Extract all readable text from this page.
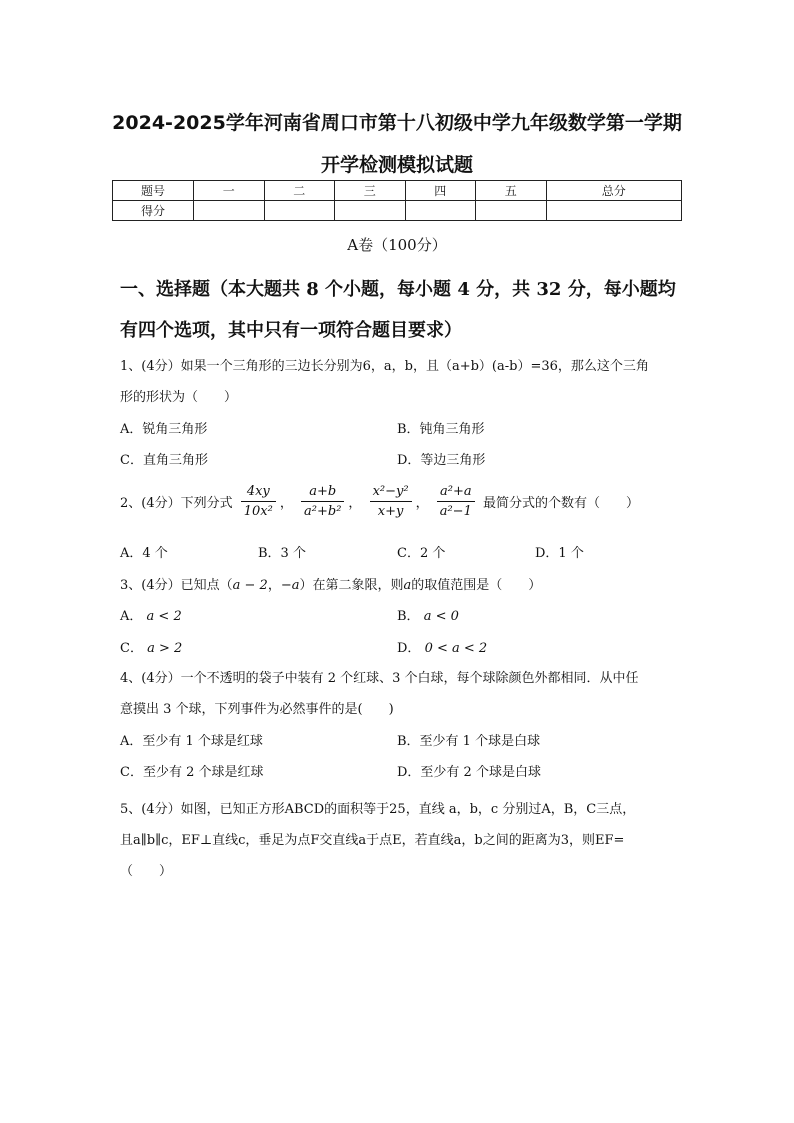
2024-2025学年河南省周口市第十八初级中学九年级数学第一学期
开学检测模拟试题
题号	一	二	三	四	五	总分
得分						
A卷（100分）
一、选择题（本大题共 8 个小题，每小题 4 分，共 32 分，每小题均
有四个选项，其中只有一项符合题目要求）
1、(4分）如果一个三角形的三边长分别为6，a，b，且（a+b）(a-b）=36，那么这个三角
形的形状为（　　）
A．锐角三角形	B．钝角三角形
C．直角三角形	D．等边三角形
2、(4分）下列分式 $\frac{4xy}{\text{10x²}}$ ， $\frac{a+b}{\text{a²+b²}}$ ， $\frac{\text{x²−y²}}{x+y}$ ， $\frac{\text{a²+a}}{\text{a²−1}}$ 最简分式的个数有（　　）
A．4 个	B．3 个	C．2 个	D．1 个
3、(4分）已知点（a − 2，−a）在第二象限，则a的取值范围是（　　）
A． a < 2	B． a < 0
C． a > 2	D． 0 < a < 2
4、(4分）一个不透明的袋子中装有 2 个红球、3 个白球，每个球除颜色外都相同．从中任
意摸出 3 个球，下列事件为必然事件的是(　　)
A．至少有 1 个球是红球	B．至少有 1 个球是白球
C．至少有 2 个球是红球	D．至少有 2 个球是白球
5、(4分）如图，已知正方形ABCD的面积等于25，直线 a，b，c 分别过A，B，C三点，
且a∥b∥c，EF⊥直线c，垂足为点F交直线a于点E，若直线a，b之间的距离为3，则EF=
（　　）
